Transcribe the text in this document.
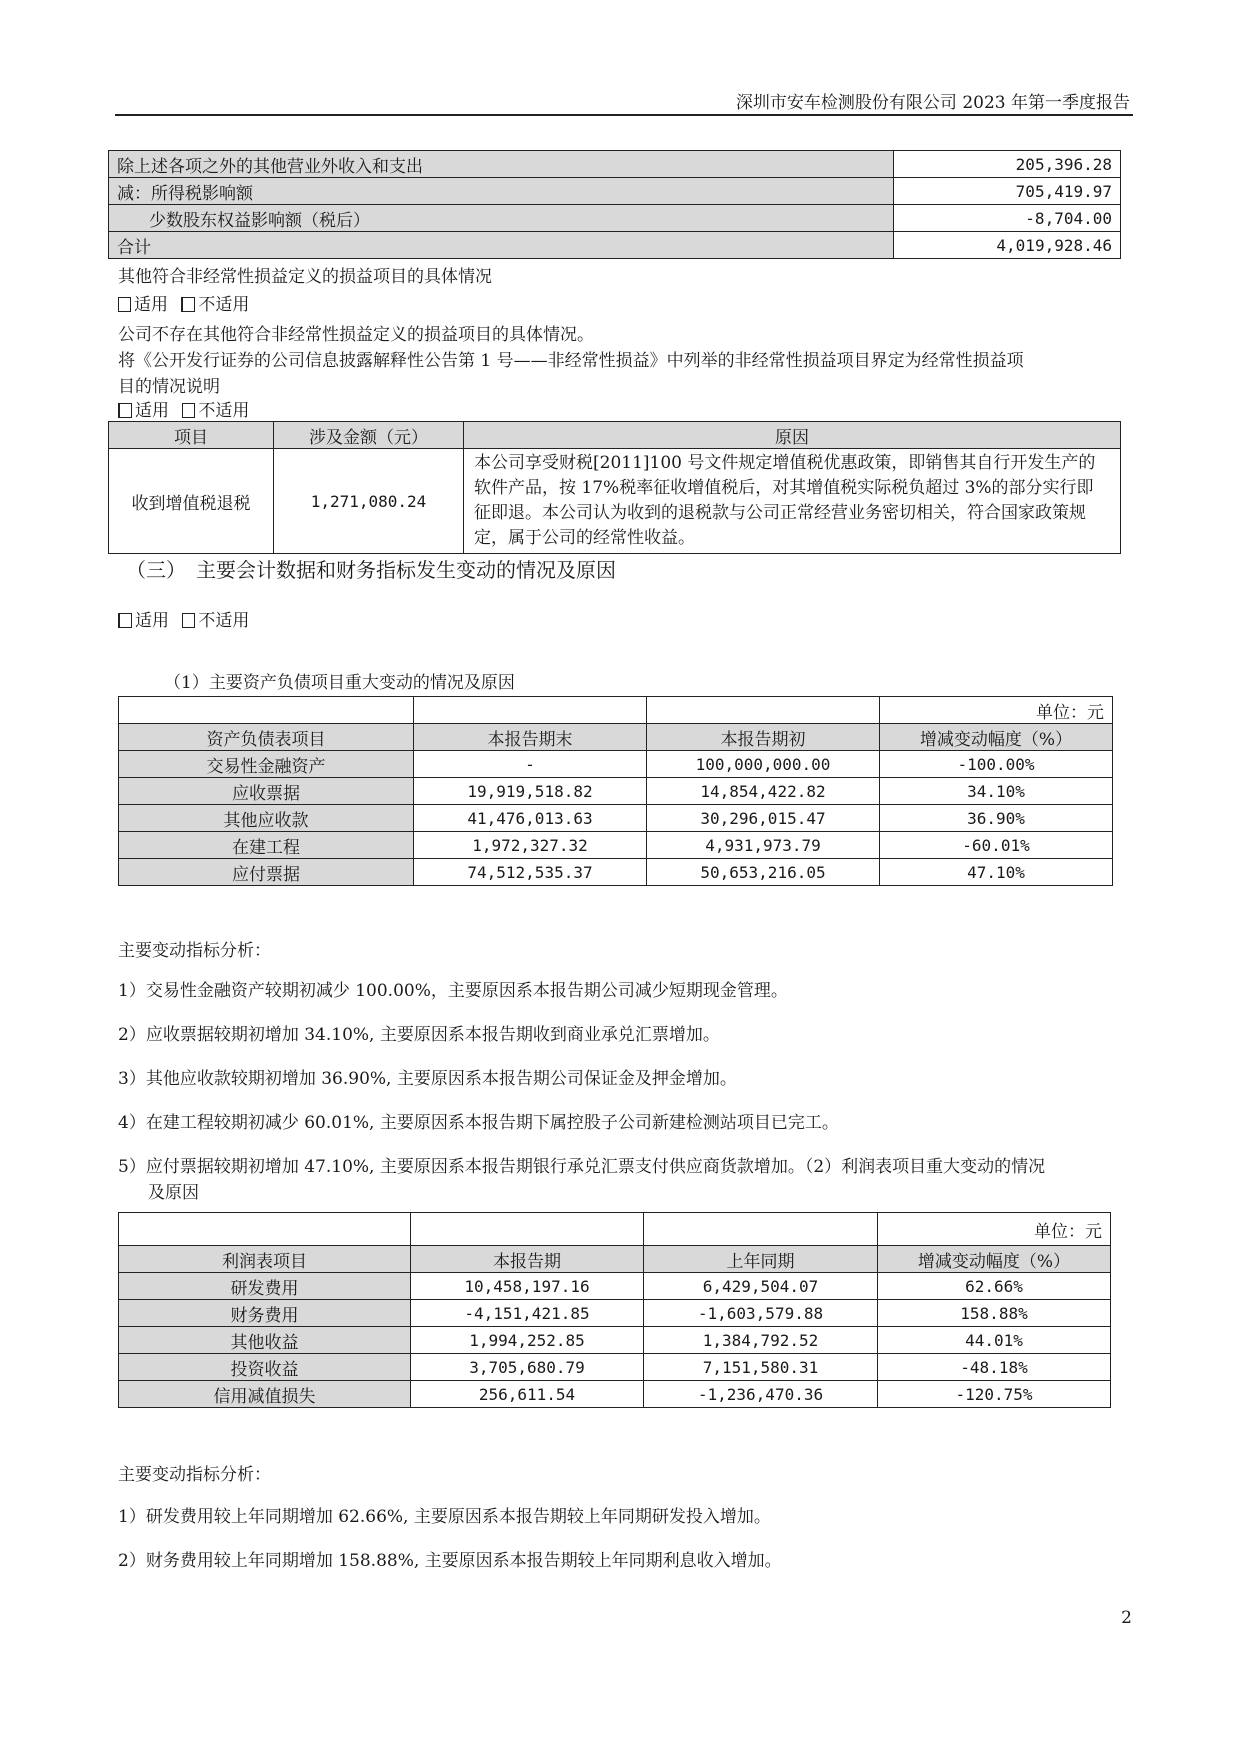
深圳市安车检测股份有限公司 2023 年第一季度报告
除上述各项之外的其他营业外收入和支出	205,396.28
减：所得税影响额	705,419.97
少数股东权益影响额（税后）	-8,704.00
合计	4,019,928.46
其他符合非经常性损益定义的损益项目的具体情况
适用 不适用
公司不存在其他符合非经常性损益定义的损益项目的具体情况。
将《公开发行证券的公司信息披露解释性公告第 1 号——非经常性损益》中列举的非经常性损益项目界定为经常性损益项
目的情况说明
适用 不适用
项目	涉及金额（元）	原因
收到增值税退税	1,271,080.24	本公司享受财税[2011]100 号文件规定增值税优惠政策，即销售其自行开发生产的软件产品，按 17%税率征收增值税后，对其增值税实际税负超过 3%的部分实行即征即退。本公司认为收到的退税款与公司正常经营业务密切相关，符合国家政策规定，属于公司的经常性收益。
（三）　主要会计数据和财务指标发生变动的情况及原因
适用 不适用
（1）主要资产负债项目重大变动的情况及原因
			单位：元
资产负债表项目	本报告期末	本报告期初	增减变动幅度（%）
交易性金融资产	-	100,000,000.00	-100.00%
应收票据	19,919,518.82	14,854,422.82	34.10%
其他应收款	41,476,013.63	30,296,015.47	36.90%
在建工程	1,972,327.32	4,931,973.79	-60.01%
应付票据	74,512,535.37	50,653,216.05	47.10%
主要变动指标分析：
1）交易性金融资产较期初减少 100.00%，主要原因系本报告期公司减少短期现金管理。
2）应收票据较期初增加 34.10%, 主要原因系本报告期收到商业承兑汇票增加。
3）其他应收款较期初增加 36.90%, 主要原因系本报告期公司保证金及押金增加。
4）在建工程较期初减少 60.01%, 主要原因系本报告期下属控股子公司新建检测站项目已完工。
5）应付票据较期初增加 47.10%, 主要原因系本报告期银行承兑汇票支付供应商货款增加。（2）利润表项目重大变动的情况
及原因
			单位：元
利润表项目	本报告期	上年同期	增减变动幅度（%）
研发费用	10,458,197.16	6,429,504.07	62.66%
财务费用	-4,151,421.85	-1,603,579.88	158.88%
其他收益	1,994,252.85	1,384,792.52	44.01%
投资收益	3,705,680.79	7,151,580.31	-48.18%
信用减值损失	256,611.54	-1,236,470.36	-120.75%
主要变动指标分析：
1）研发费用较上年同期增加 62.66%, 主要原因系本报告期较上年同期研发投入增加。
2）财务费用较上年同期增加 158.88%, 主要原因系本报告期较上年同期利息收入增加。
2
